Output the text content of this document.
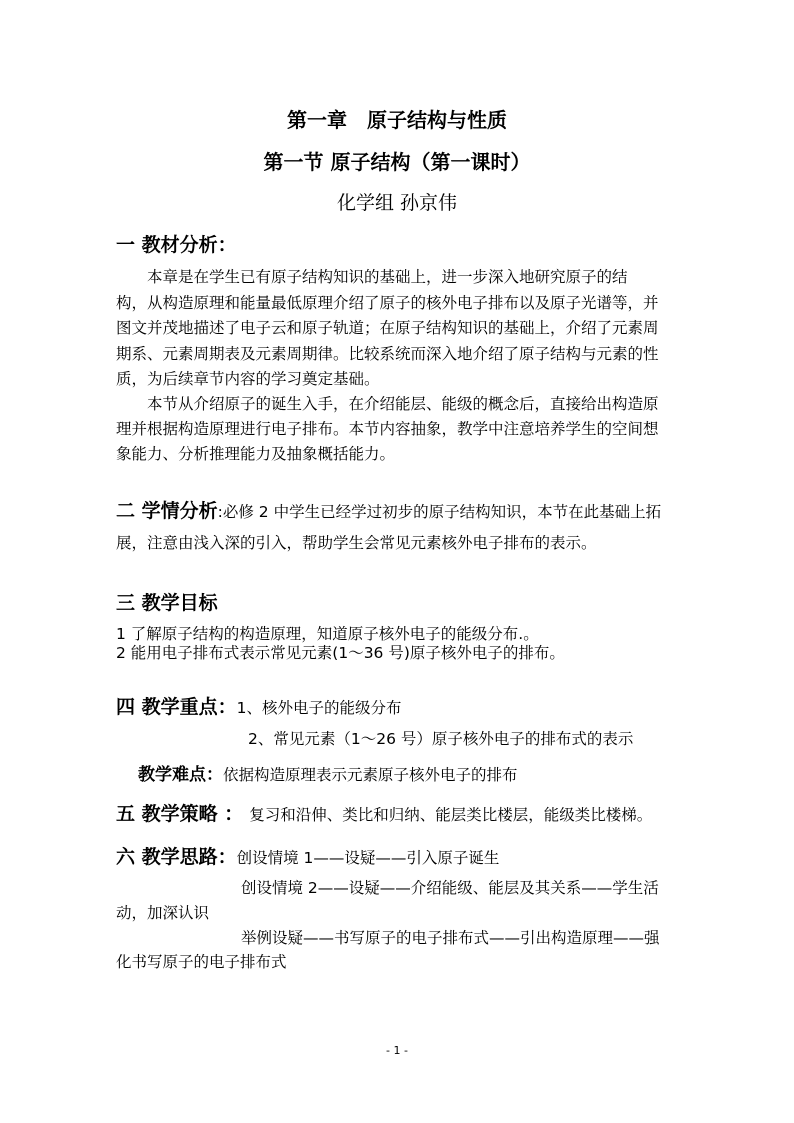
第一章　原子结构与性质
第一节 原子结构（第一课时）
化学组 孙京伟
一 教材分析：
　　本章是在学生已有原子结构知识的基础上，进一步深入地研究原子的结
构，从构造原理和能量最低原理介绍了原子的核外电子排布以及原子光谱等，并
图文并茂地描述了电子云和原子轨道；在原子结构知识的基础上，介绍了元素周
期系、元素周期表及元素周期律。比较系统而深入地介绍了原子结构与元素的性
质，为后续章节内容的学习奠定基础。
　　本节从介绍原子的诞生入手，在介绍能层、能级的概念后，直接给出构造原
理并根据构造原理进行电子排布。本节内容抽象，教学中注意培养学生的空间想
象能力、分析推理能力及抽象概括能力。
二 学情分析:必修 2 中学生已经学过初步的原子结构知识，本节在此基础上拓
展，注意由浅入深的引入，帮助学生会常见元素核外电子排布的表示。
三 教学目标
1 了解原子结构的构造原理，知道原子核外电子的能级分布.。
2 能用电子排布式表示常见元素(1～36 号)原子核外电子的排布。
四 教学重点：1、核外电子的能级分布
2、常见元素（1～26 号）原子核外电子的排布式的表示
教学难点：依据构造原理表示元素原子核外电子的排布
五 教学策略 ： 复习和沿伸、类比和归纳、能层类比楼层，能级类比楼梯。
六 教学思路：创设情境 1——设疑——引入原子诞生
创设情境 2——设疑——介绍能级、能层及其关系——学生活
动，加深认识
举例设疑——书写原子的电子排布式——引出构造原理——强
化书写原子的电子排布式
- 1 -
